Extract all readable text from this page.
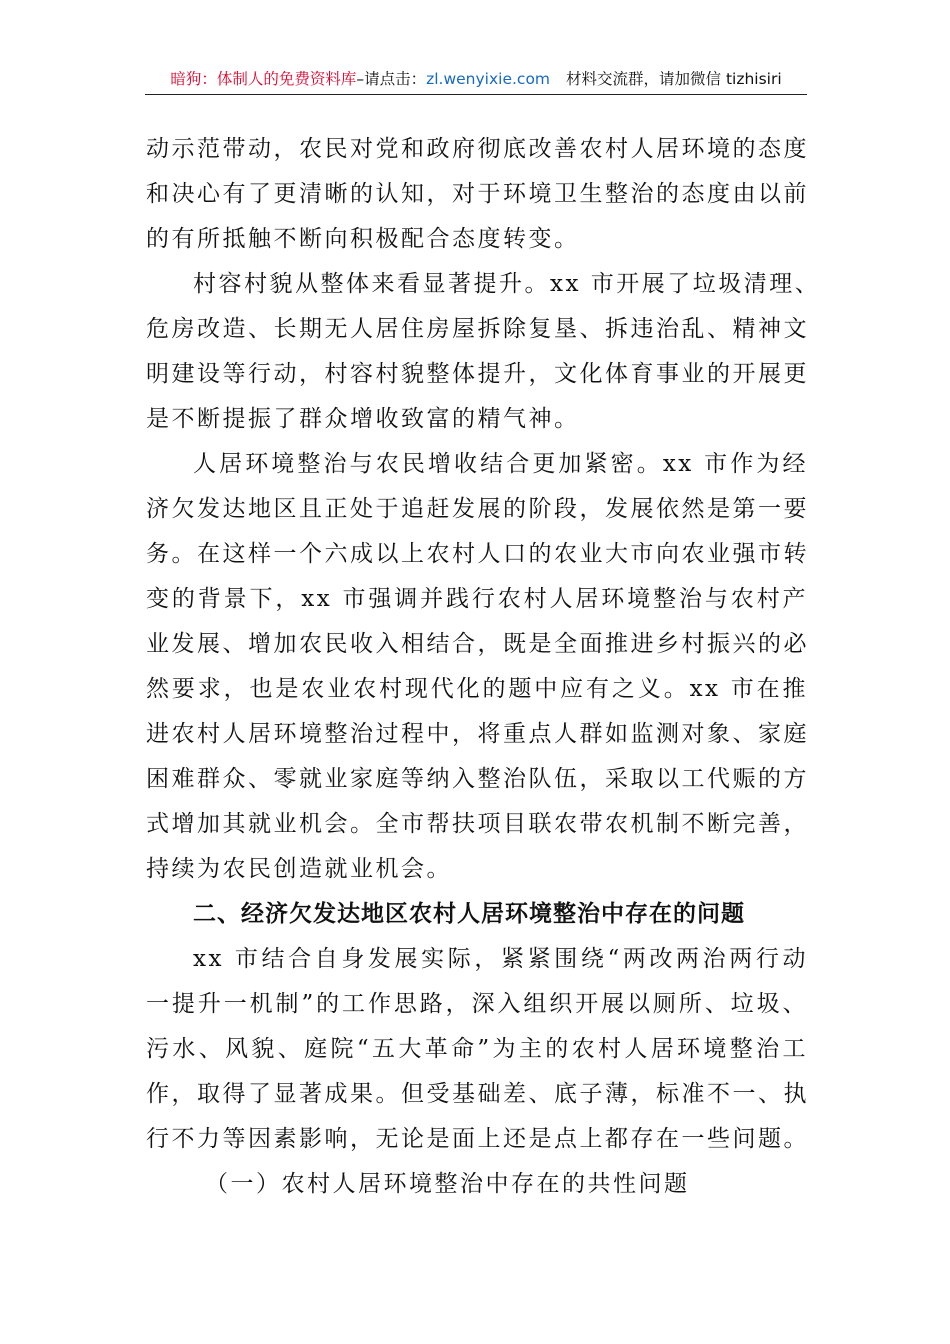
暗狗：体制人的免费资料库–请点击：zl.wenyixie.com 材料交流群，请加微信 tizhisiri
动示范带动，农民对党和政府彻底改善农村人居环境的态度
和决心有了更清晰的认知，对于环境卫生整治的态度由以前
的有所抵触不断向积极配合态度转变。
村容村貌从整体来看显著提升。xx 市开展了垃圾清理、
危房改造、长期无人居住房屋拆除复垦、拆违治乱、精神文
明建设等行动，村容村貌整体提升，文化体育事业的开展更
是不断提振了群众增收致富的精气神。
人居环境整治与农民增收结合更加紧密。xx 市作为经
济欠发达地区且正处于追赶发展的阶段，发展依然是第一要
务。在这样一个六成以上农村人口的农业大市向农业强市转
变的背景下，xx 市强调并践行农村人居环境整治与农村产
业发展、增加农民收入相结合，既是全面推进乡村振兴的必
然要求，也是农业农村现代化的题中应有之义。xx 市在推
进农村人居环境整治过程中，将重点人群如监测对象、家庭
困难群众、零就业家庭等纳入整治队伍，采取以工代赈的方
式增加其就业机会。全市帮扶项目联农带农机制不断完善，
持续为农民创造就业机会。
二、经济欠发达地区农村人居环境整治中存在的问题
xx 市结合自身发展实际，紧紧围绕“两改两治两行动
一提升一机制”的工作思路，深入组织开展以厕所、垃圾、
污水、风貌、庭院“五大革命”为主的农村人居环境整治工
作，取得了显著成果。但受基础差、底子薄，标准不一、执
行不力等因素影响，无论是面上还是点上都存在一些问题。
（一）农村人居环境整治中存在的共性问题
